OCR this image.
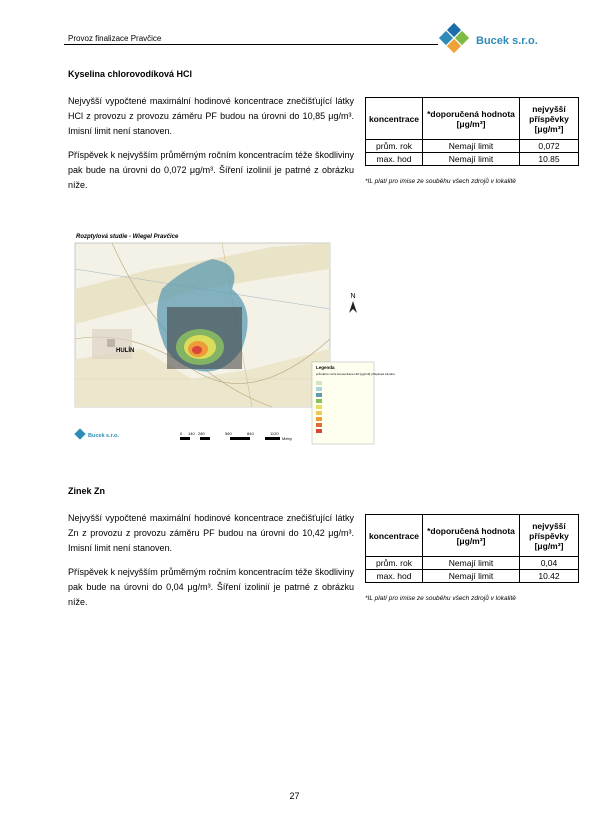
Provoz finalizace Pravčice	Bucek s.r.o.
Kyselina chlorovodíková HCl

Nejvyšší vypočtené maximální hodinové koncentrace znečišťující látky HCl z provozu z provozu záměru PF budou na úrovni do 10,85 μg/m³. Imisní limit není stanoven.

Příspěvek k nejvyšším průměrným ročním koncentracím téže škodliviny pak bude na úrovni do 0,072 μg/m³. Šíření izolinií je patrné z obrázku níže.

koncentrace	*doporučená hodnota [μg/m³]	nejvyšší příspěvky [μg/m³]
prům. rok	Nemají limit	0,072
max. hod	Nemají limit	10.85
*IL platí pro imise ze souběhu všech zdrojů v lokalitě
Rozptylová studie - Wiegel Pravčice
HULÍN
N
Legenda
průměrné roční koncentrace HCl [μg/m3] příspěvek záměru
Bucek s.r.o.	0 140 280	560	840	1120
Metry
Zinek Zn

Nejvyšší vypočtené maximální hodinové koncentrace znečišťující látky Zn z provozu z provozu záměru PF budou na úrovni do 10,42 μg/m³. Imisní limit není stanoven.

Příspěvek k nejvyšším průměrným ročním koncentracím téže škodliviny pak bude na úrovni do 0,04 μg/m³. Šíření izolinií je patrné z obrázku níže.

koncentrace	*doporučená hodnota [μg/m³]	nejvyšší příspěvky [μg/m³]
prům. rok	Nemají limit	0,04
max. hod	Nemají limit	10.42
*IL platí pro imise ze souběhu všech zdrojů v lokalitě
27
